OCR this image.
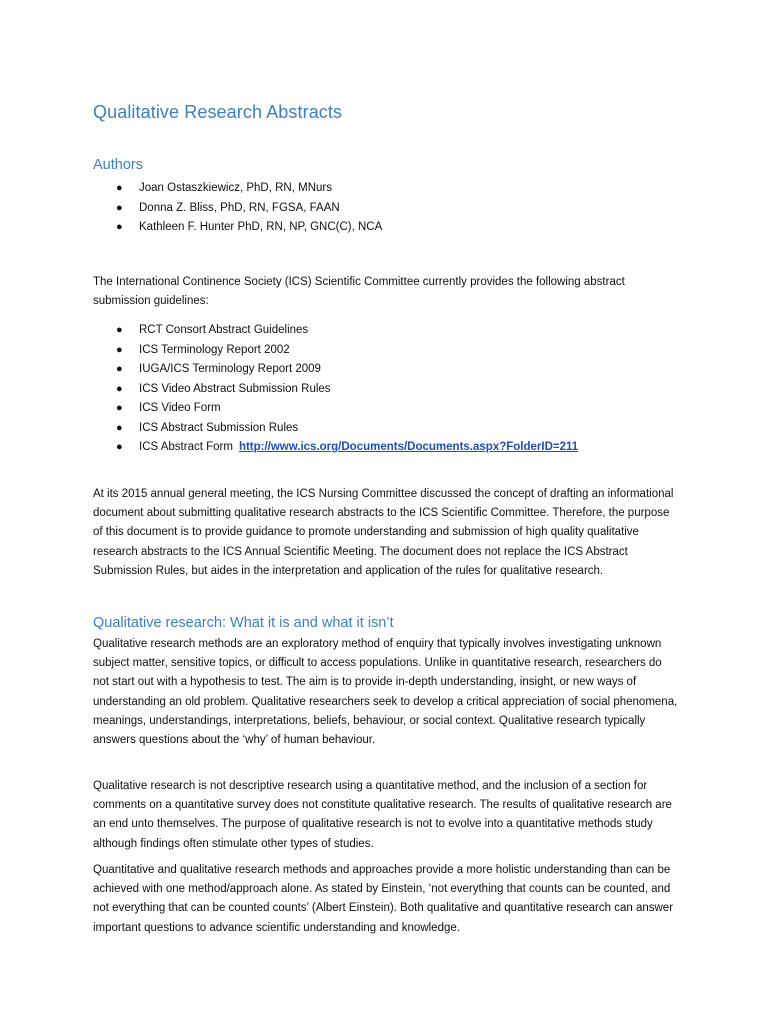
Qualitative Research Abstracts
Authors
● Joan Ostaszkiewicz, PhD, RN, MNurs
● Donna Z. Bliss, PhD, RN, FGSA, FAAN
● Kathleen F. Hunter PhD, RN, NP, GNC(C), NCA

The International Continence Society (ICS) Scientific Committee currently provides the following abstract submission guidelines:

● RCT Consort Abstract Guidelines
● ICS Terminology Report 2002
● IUGA/ICS Terminology Report 2009
● ICS Video Abstract Submission Rules
● ICS Video Form
● ICS Abstract Submission Rules
● ICS Abstract Form http://www.ics.org/Documents/Documents.aspx?FolderID=211

At its 2015 annual general meeting, the ICS Nursing Committee discussed the concept of drafting an informational document about submitting qualitative research abstracts to the ICS Scientific Committee. Therefore, the purpose of this document is to provide guidance to promote understanding and submission of high quality qualitative research abstracts to the ICS Annual Scientific Meeting. The document does not replace the ICS Abstract Submission Rules, but aides in the interpretation and application of the rules for qualitative research.

Qualitative research: What it is and what it isn’t

Qualitative research methods are an exploratory method of enquiry that typically involves investigating unknown subject matter, sensitive topics, or difficult to access populations. Unlike in quantitative research, researchers do not start out with a hypothesis to test. The aim is to provide in-depth understanding, insight, or new ways of understanding an old problem. Qualitative researchers seek to develop a critical appreciation of social phenomena, meanings, understandings, interpretations, beliefs, behaviour, or social context. Qualitative research typically answers questions about the ‘why’ of human behaviour.

Qualitative research is not descriptive research using a quantitative method, and the inclusion of a section for comments on a quantitative survey does not constitute qualitative research. The results of qualitative research are an end unto themselves. The purpose of qualitative research is not to evolve into a quantitative methods study although findings often stimulate other types of studies.

Quantitative and qualitative research methods and approaches provide a more holistic understanding than can be achieved with one method/approach alone. As stated by Einstein, ‘not everything that counts can be counted, and not everything that can be counted counts’ (Albert Einstein). Both qualitative and quantitative research can answer important questions to advance scientific understanding and knowledge.
